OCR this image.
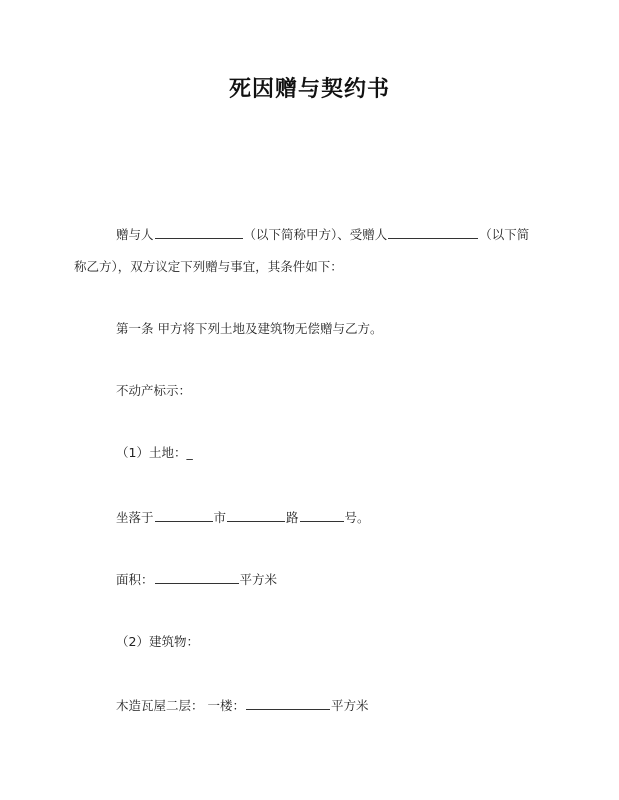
死因赠与契约书
赠与人	（以下简称甲方）、受赠人	（以下简
称乙方），双方议定下列赠与事宜，其条件如下：
第一条 甲方将下列土地及建筑物无偿赠与乙方。
不动产标示：
（1）土地：_
坐落于	市	路	号。
面积：	平方米
（2）建筑物：
木造瓦屋二层： 一楼：	平方米
